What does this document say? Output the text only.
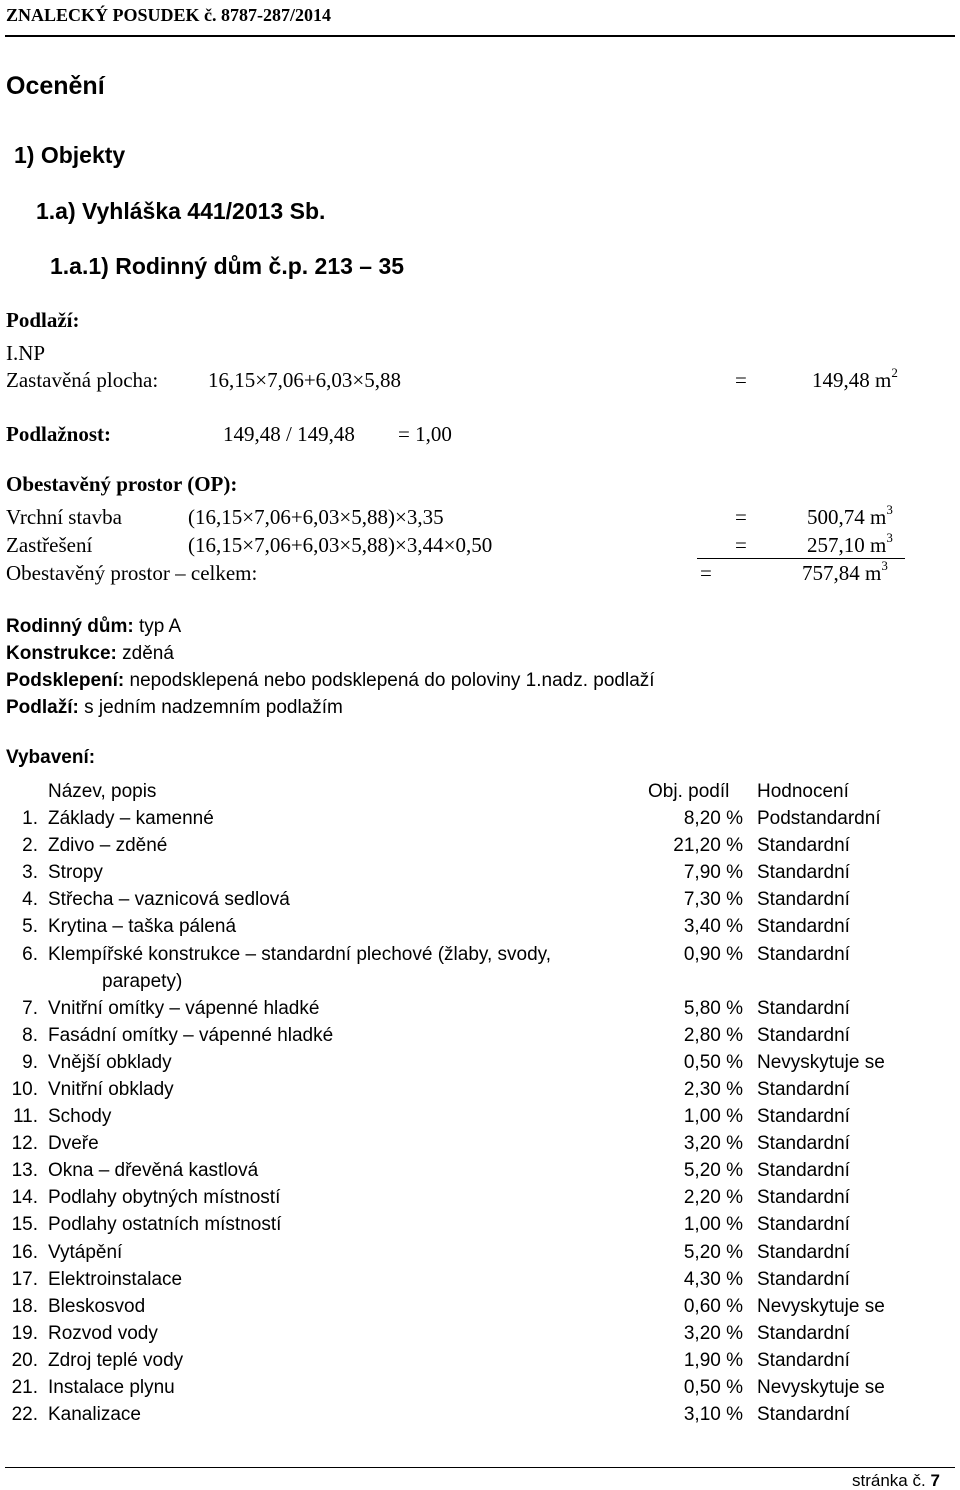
ZNALECKÝ POSUDEK č. 8787-287/2014
Ocenění
1) Objekty
1.a) Vyhláška 441/2013 Sb.
1.a.1) Rodinný dům č.p. 213 – 35
Podlaží:
I.NP
Zastavěná plocha: 16,15×7,06+6,03×5,88	=	149,48 $m^2$
Podlažnost:	149,48 / 149,48 = 1,00
Obestavěný prostor (OP):
Vrchní stavba	(16,15×7,06+6,03×5,88)×3,35	=	500,74 $m^3$
Zastřešení	(16,15×7,06+6,03×5,88)×3,44×0,50	=	257,10 $m^3$
Obestavěný prostor – celkem:	=	757,84 $m^3$
Rodinný dům: typ A
Konstrukce: zděná
Podsklepení: nepodsklepená nebo podsklepená do poloviny 1.nadz. podlaží
Podlaží: s jedním nadzemním podlažím
Vybavení:
Název, popis	Obj. podíl Hodnocení
1. Základy – kamenné	8,20 % Podstandardní
2. Zdivo – zděné	21,20 % Standardní
3. Stropy	7,90 % Standardní
4. Střecha – vaznicová sedlová	7,30 % Standardní
5. Krytina – taška pálená	3,40 % Standardní
6. Klempířské konstrukce – standardní plechové (žlaby, svody,	0,90 % Standardní
parapety)
7. Vnitřní omítky – vápenné hladké	5,80 % Standardní
8. Fasádní omítky – vápenné hladké	2,80 % Standardní
9. Vnější obklady	0,50 % Nevyskytuje se
10. Vnitřní obklady	2,30 % Standardní
11. Schody	1,00 % Standardní
12. Dveře	3,20 % Standardní
13. Okna – dřevěná kastlová	5,20 % Standardní
14. Podlahy obytných místností	2,20 % Standardní
15. Podlahy ostatních místností	1,00 % Standardní
16. Vytápění	5,20 % Standardní
17. Elektroinstalace	4,30 % Standardní
18. Bleskosvod	0,60 % Nevyskytuje se
19. Rozvod vody	3,20 % Standardní
20. Zdroj teplé vody	1,90 % Standardní
21. Instalace plynu	0,50 % Nevyskytuje se
22. Kanalizace	3,10 % Standardní
stránka č. 7
